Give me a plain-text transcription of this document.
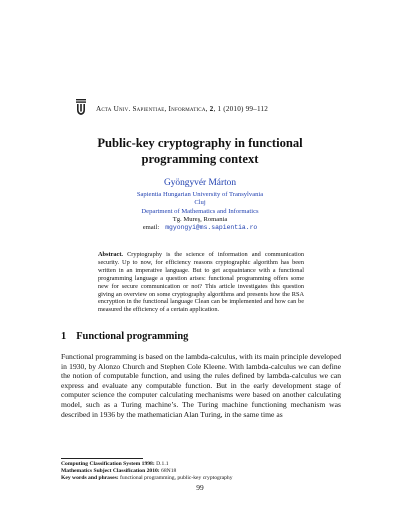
Acta Univ. Sapientiae, Informatica, 2, 1 (2010) 99–112
Public-key cryptography in functional programming context
Gyöngyvér Márton
Sapientia Hungarian University of Transylvania
Cluj
Department of Mathematics and Informatics
Tg. Mureş, Romania
email: mgyongyi@ms.sapientia.ro
Abstract. Cryptography is the science of information and communication security. Up to now, for efficiency reasons cryptographic algorithm has been written in an imperative language. But to get acquaintance with a functional programming language a question arises: functional programming offers some new for secure communication or not? This article investigates this question giving an overview on some cryptography algorithms and presents how the RSA encryption in the functional language Clean can be implemented and how can be measured the efficiency of a certain application.
1 Functional programming
Functional programming is based on the lambda-calculus, with its main principle developed in 1930, by Alonzo Church and Stephen Cole Kleene. With lambda-calculus we can define the notion of computable function, and using the rules defined by lambda-calculus we can express and evaluate any computable function. But in the early development stage of computer science the computer calculating mechanisms were based on another calculating model, such as a Turing machine’s. The Turing machine functioning mechanism was described in 1936 by the mathematician Alan Turing, in the same time as
Computing Classification System 1998: D.1.1
Mathematics Subject Classification 2010: 68N18
Key words and phrases: functional programming, public-key cryptography
99
